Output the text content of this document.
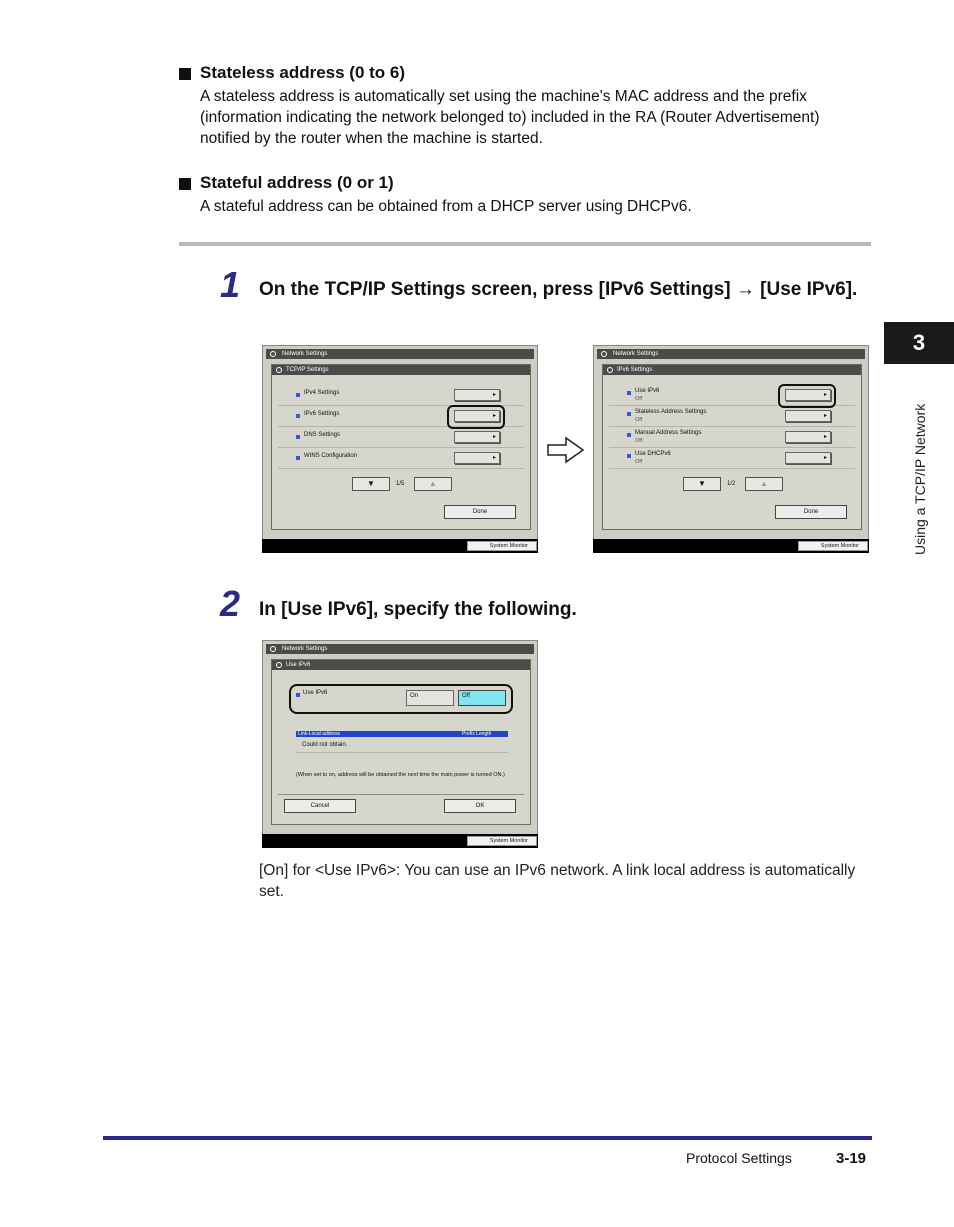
Stateless address (0 to 6)
A stateless address is automatically set using the machine's MAC address and the prefix (information indicating the network belonged to) included in the RA (Router Advertisement) notified by the router when the machine is started.
Stateful address (0 or 1)
A stateful address can be obtained from a DHCP server using DHCPv6.
1 On the TCP/IP Settings screen, press [IPv6 Settings] → [Use IPv6].
Network Settings
TCP/IP Settings
IPv4 Settings
▸
IPv6 Settings
▸
DNS Settings
▸
WINS Configuration
▸
▼	1/5	▲
Done
System Monitor
Network Settings
IPv6 Settings
Use IPv6
Off
▸
Stateless Address Settings
Off
▸
Manual Address Settings
Off
▸
Use DHCPv6
Off
▸
▼	1/2	▲
Done
System Monitor
2 In [Use IPv6], specify the following.
Network Settings
Use IPv6
Use IPv6	On	Off
Link-Local address	Prefix Length
Could not obtain.
(When set to on, address will be obtained the next time the main power is turned ON.)
Cancel	OK
System Monitor
[On] for <Use IPv6>: You can use an IPv6 network. A link local address is automatically set.
3
Using a TCP/IP Network
Protocol Settings	3-19
